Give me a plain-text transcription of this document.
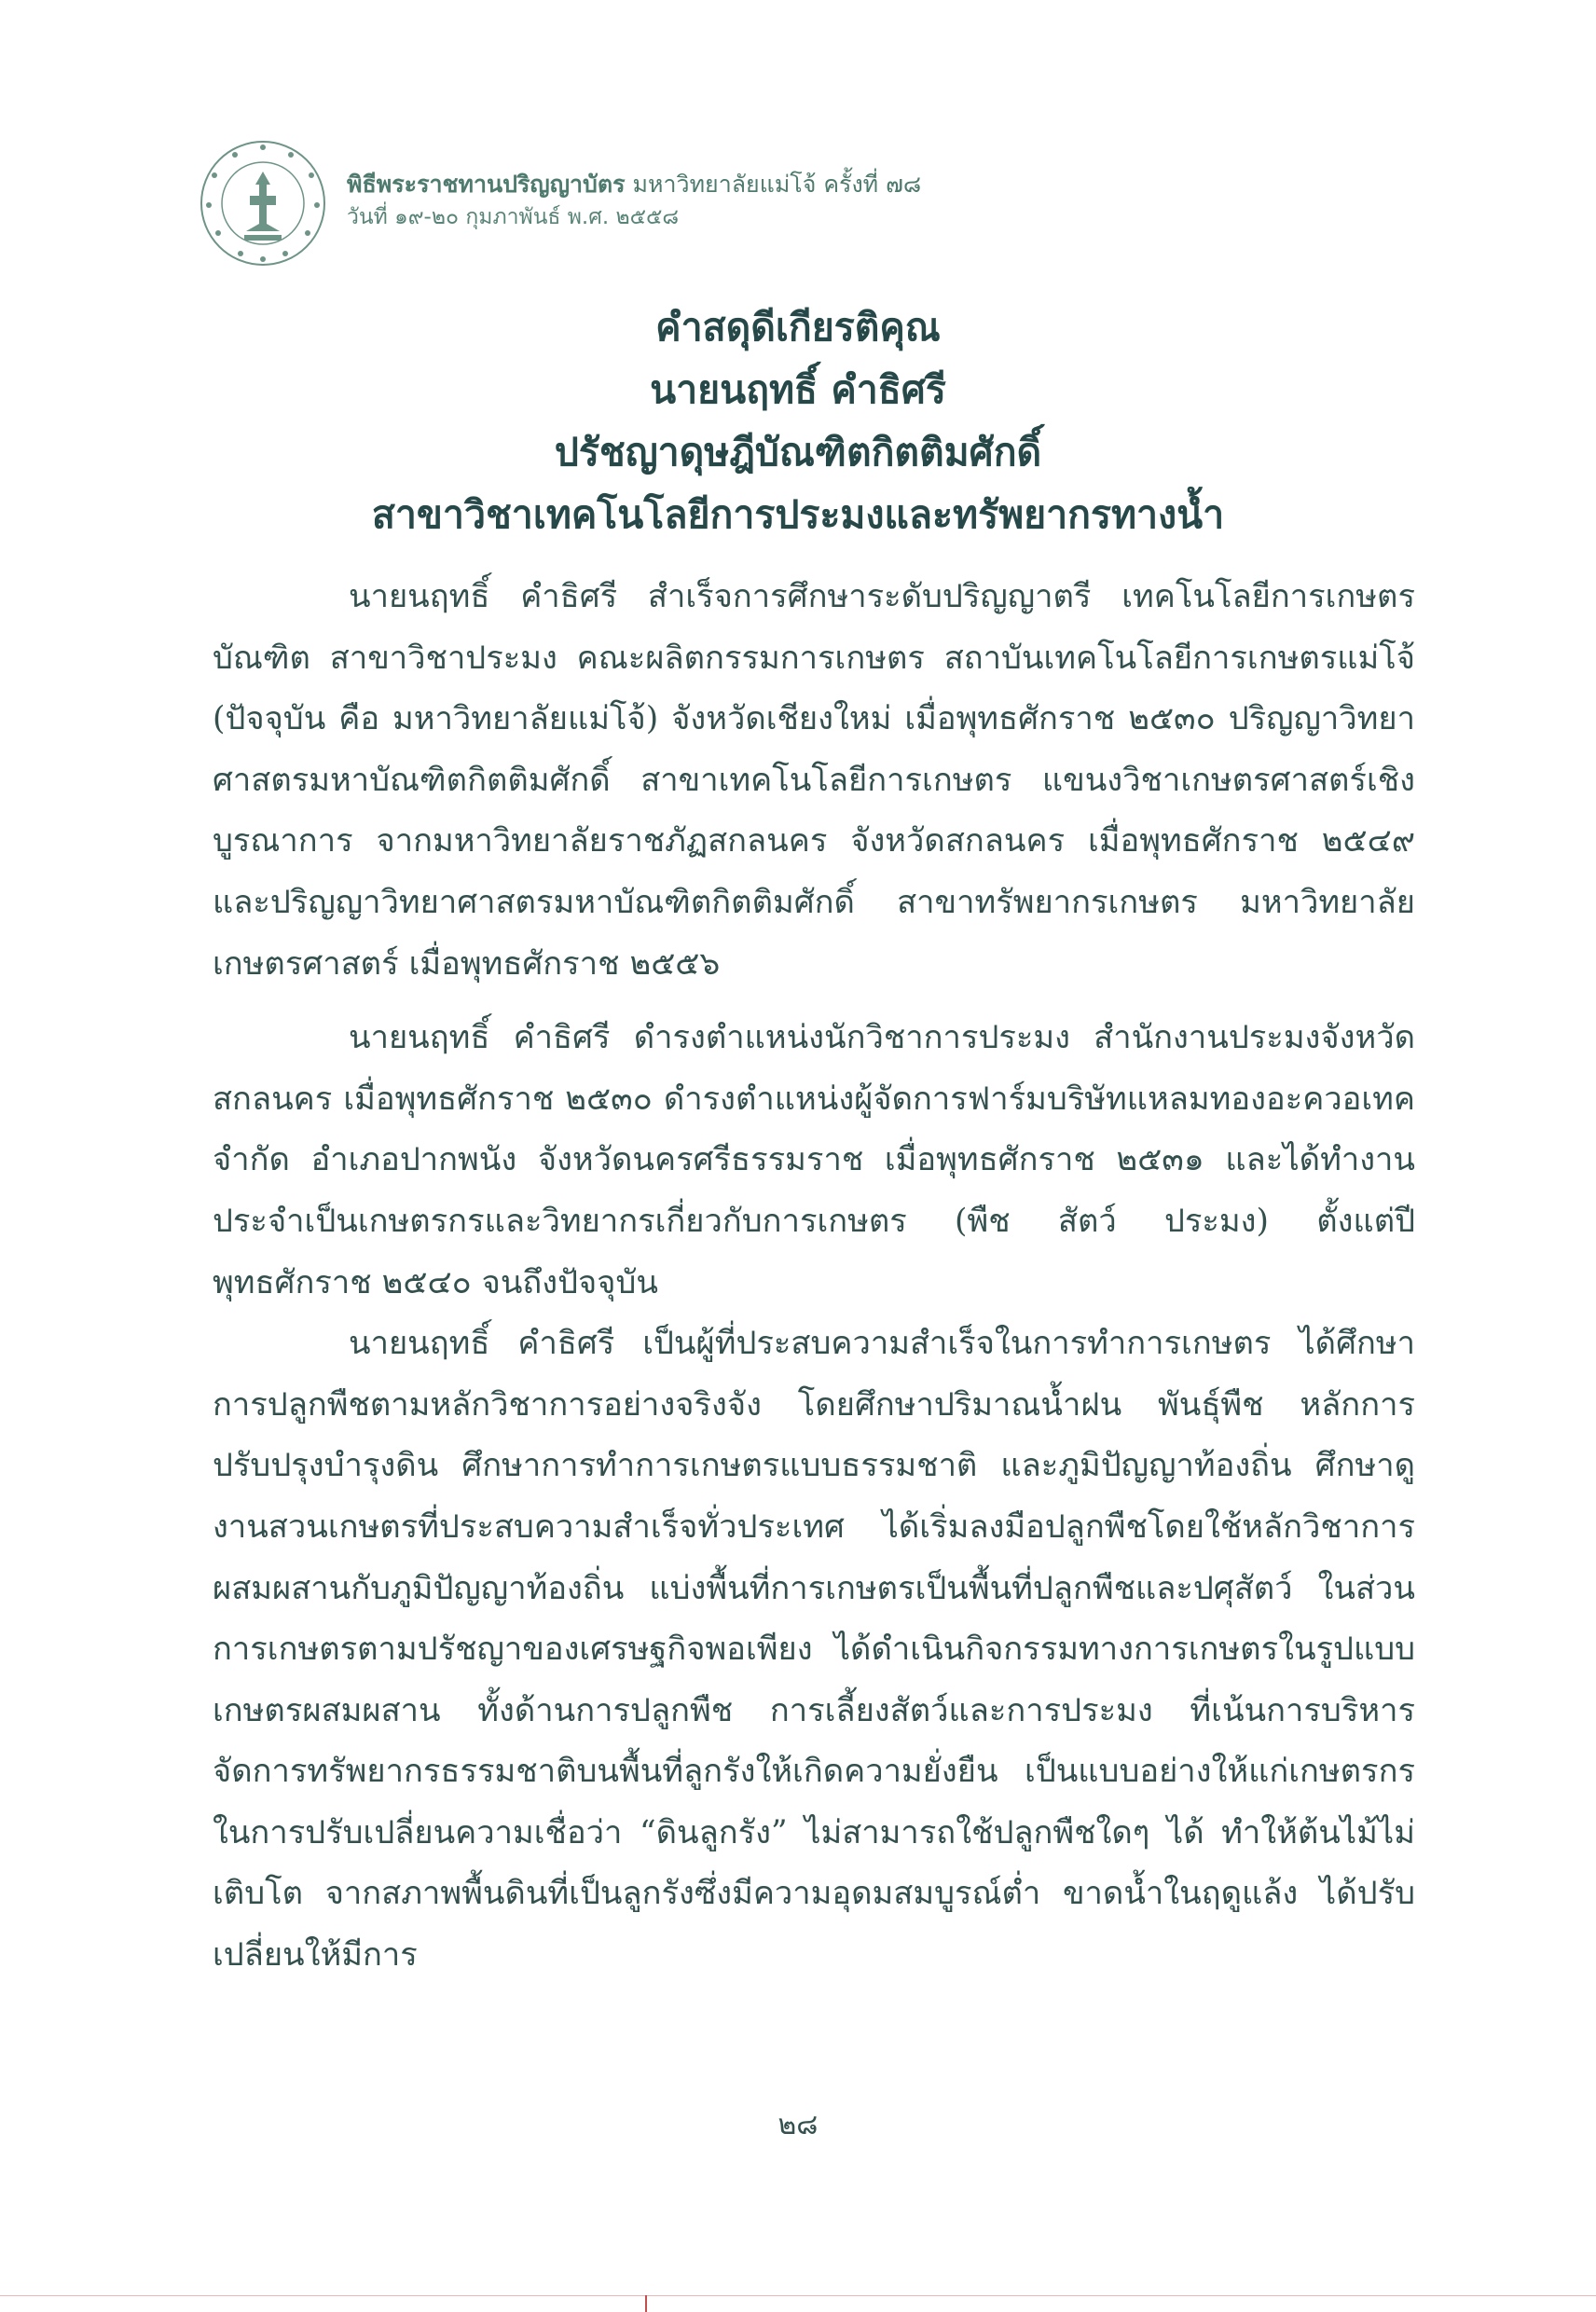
พิธีพระราชทานปริญญาบัตร มหาวิทยาลัยแม่โจ้ ครั้งที่ ๗๘
วันที่ ๑๙-๒๐ กุมภาพันธ์ พ.ศ. ๒๕๕๘
คำสดุดีเกียรติคุณ
นายนฤทธิ์ คำธิศรี
ปรัชญาดุษฎีบัณฑิตกิตติมศักดิ์
สาขาวิชาเทคโนโลยีการประมงและทรัพยากรทางน้ำ

นายนฤทธิ์ คำธิศรี สำเร็จการศึกษาระดับปริญญาตรี เทคโนโลยีการเกษตรบัณฑิต สาขาวิชาประมง คณะผลิตกรรมการเกษตร สถาบันเทคโนโลยีการเกษตรแม่โจ้ (ปัจจุบัน คือ มหาวิทยาลัยแม่โจ้) จังหวัดเชียงใหม่ เมื่อพุทธศักราช ๒๕๓๐ ปริญญาวิทยาศาสตรมหาบัณฑิตกิตติมศักดิ์ สาขาเทคโนโลยีการเกษตร แขนงวิชาเกษตรศาสตร์เชิงบูรณาการ จากมหาวิทยาลัยราชภัฏสกลนคร จังหวัดสกลนคร เมื่อพุทธศักราช ๒๕๔๙ และปริญญาวิทยาศาสตรมหาบัณฑิตกิตติมศักดิ์ สาขาทรัพยากรเกษตร มหาวิทยาลัยเกษตรศาสตร์ เมื่อพุทธศักราช ๒๕๕๖

นายนฤทธิ์ คำธิศรี ดำรงตำแหน่งนักวิชาการประมง สำนักงานประมงจังหวัดสกลนคร เมื่อพุทธศักราช ๒๕๓๐ ดำรงตำแหน่งผู้จัดการฟาร์มบริษัทแหลมทองอะควอเทค จำกัด อำเภอปากพนัง จังหวัดนครศรีธรรมราช เมื่อพุทธศักราช ๒๕๓๑ และได้ทำงานประจำเป็นเกษตรกรและวิทยากรเกี่ยวกับการเกษตร (พืช สัตว์ ประมง) ตั้งแต่ปีพุทธศักราช ๒๕๔๐ จนถึงปัจจุบัน

นายนฤทธิ์ คำธิศรี เป็นผู้ที่ประสบความสำเร็จในการทำการเกษตร ได้ศึกษาการปลูกพืชตามหลักวิชาการอย่างจริงจัง โดยศึกษาปริมาณน้ำฝน พันธุ์พืช หลักการปรับปรุงบำรุงดิน ศึกษาการทำการเกษตรแบบธรรมชาติ และภูมิปัญญาท้องถิ่น ศึกษาดูงานสวนเกษตรที่ประสบความสำเร็จทั่วประเทศ ได้เริ่มลงมือปลูกพืชโดยใช้หลักวิชาการผสมผสานกับภูมิปัญญาท้องถิ่น แบ่งพื้นที่การเกษตรเป็นพื้นที่ปลูกพืชและปศุสัตว์ ในส่วนการเกษตรตามปรัชญาของเศรษฐกิจพอเพียง ได้ดำเนินกิจกรรมทางการเกษตรในรูปแบบเกษตรผสมผสาน ทั้งด้านการปลูกพืช การเลี้ยงสัตว์และการประมง ที่เน้นการบริหารจัดการทรัพยากรธรรมชาติบนพื้นที่ลูกรังให้เกิดความยั่งยืน เป็นแบบอย่างให้แก่เกษตรกรในการปรับเปลี่ยนความเชื่อว่า “ดินลูกรัง” ไม่สามารถใช้ปลูกพืชใดๆ ได้ ทำให้ต้นไม้ไม่เติบโต จากสภาพพื้นดินที่เป็นลูกรังซึ่งมีความอุดมสมบูรณ์ต่ำ ขาดน้ำในฤดูแล้ง ได้ปรับเปลี่ยนให้มีการ

๒๘
